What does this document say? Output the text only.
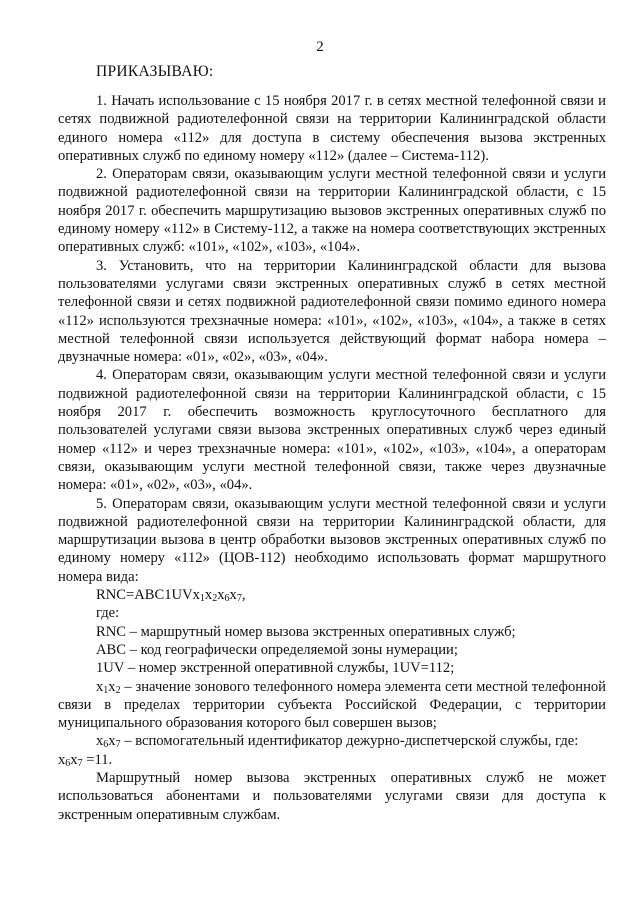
2
ПРИКАЗЫВАЮ:

1. Начать использование с 15 ноября 2017 г. в сетях местной телефонной связи и сетях подвижной радиотелефонной связи на территории Калининградской области единого номера «112» для доступа в систему обеспечения вызова экстренных оперативных служб по единому номеру «112» (далее – Система-112).

2. Операторам связи, оказывающим услуги местной телефонной связи и услуги подвижной радиотелефонной связи на территории Калининградской области, с 15 ноября 2017 г. обеспечить маршрутизацию вызовов экстренных оперативных служб по единому номеру «112» в Систему-112, а также на номера соответствующих экстренных оперативных служб: «101», «102», «103», «104».

3. Установить, что на территории Калининградской области для вызова пользователями услугами связи экстренных оперативных служб в сетях местной телефонной связи и сетях подвижной радиотелефонной связи помимо единого номера «112» используются трехзначные номера: «101», «102», «103», «104», а также в сетях местной телефонной связи используется действующий формат набора номера – двузначные номера: «01», «02», «03», «04».

4. Операторам связи, оказывающим услуги местной телефонной связи и услуги подвижной радиотелефонной связи на территории Калининградской области, с 15 ноября 2017 г. обеспечить возможность круглосуточного бесплатного для пользователей услугами связи вызова экстренных оперативных служб через единый номер «112» и через трехзначные номера: «101», «102», «103», «104», а операторам связи, оказывающим услуги местной телефонной связи, также через двузначные номера: «01», «02», «03», «04».

5. Операторам связи, оказывающим услуги местной телефонной связи и услуги подвижной радиотелефонной связи на территории Калининградской области, для маршрутизации вызова в центр обработки вызовов экстренных оперативных служб по единому номеру «112» (ЦОВ-112) необходимо использовать формат маршрутного номера вида:

$RNC=ABC1UVx_1x_2x_6x_7$,

где:

RNC – маршрутный номер вызова экстренных оперативных служб;

ABC – код географически определяемой зоны нумерации;

1UV – номер экстренной оперативной службы, 1UV=112;

$x_1x_2$ – значение зонового телефонного номера элемента сети местной телефонной связи в пределах территории субъекта Российской Федерации, с территории муниципального образования которого был совершен вызов;

$x_6x_7$ – вспомогательный идентификатор дежурно-диспетчерской службы, где:

$x_6x_7 =11$.

Маршрутный номер вызова экстренных оперативных служб не может использоваться абонентами и пользователями услугами связи для доступа к экстренным оперативным службам.
